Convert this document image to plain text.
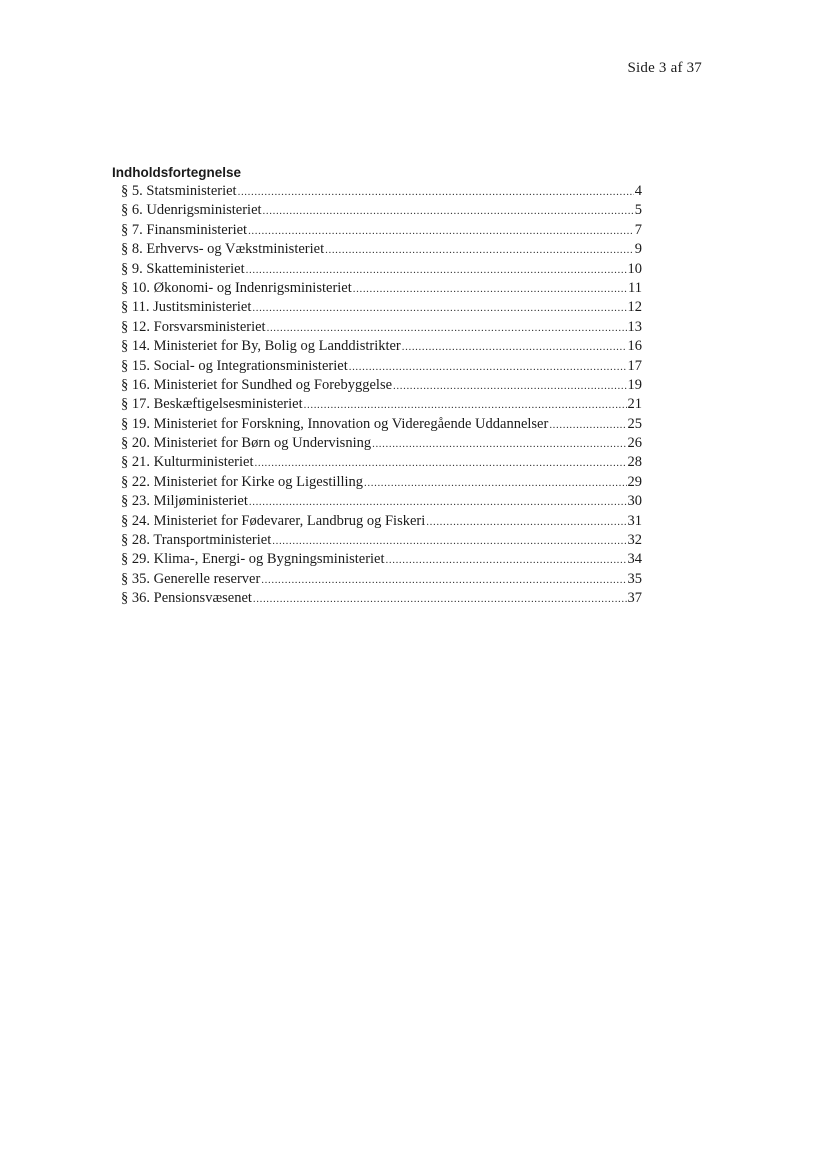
Side 3 af 37
Indholdsfortegnelse
§ 5. Statsministeriet .....	4
§ 6. Udenrigsministeriet .....	5
§ 7. Finansministeriet .....	7
§ 8. Erhvervs- og Vækstministeriet .....	9
§ 9. Skatteministeriet .....	10
§ 10. Økonomi- og Indenrigsministeriet .....	11
§ 11. Justitsministeriet .....	12
§ 12. Forsvarsministeriet .....	13
§ 14. Ministeriet for By, Bolig og Landdistrikter .....	16
§ 15. Social- og Integrationsministeriet .....	17
§ 16. Ministeriet for Sundhed og Forebyggelse .....	19
§ 17. Beskæftigelsesministeriet .....	21
§ 19. Ministeriet for Forskning, Innovation og Videregående Uddannelser .....	25
§ 20. Ministeriet for Børn og Undervisning .....	26
§ 21. Kulturministeriet .....	28
§ 22. Ministeriet for Kirke og Ligestilling .....	29
§ 23. Miljøministeriet .....	30
§ 24. Ministeriet for Fødevarer, Landbrug og Fiskeri .....	31
§ 28. Transportministeriet .....	32
§ 29. Klima-, Energi- og Bygningsministeriet .....	34
§ 35. Generelle reserver .....	35
§ 36. Pensionsvæsenet .....	37
